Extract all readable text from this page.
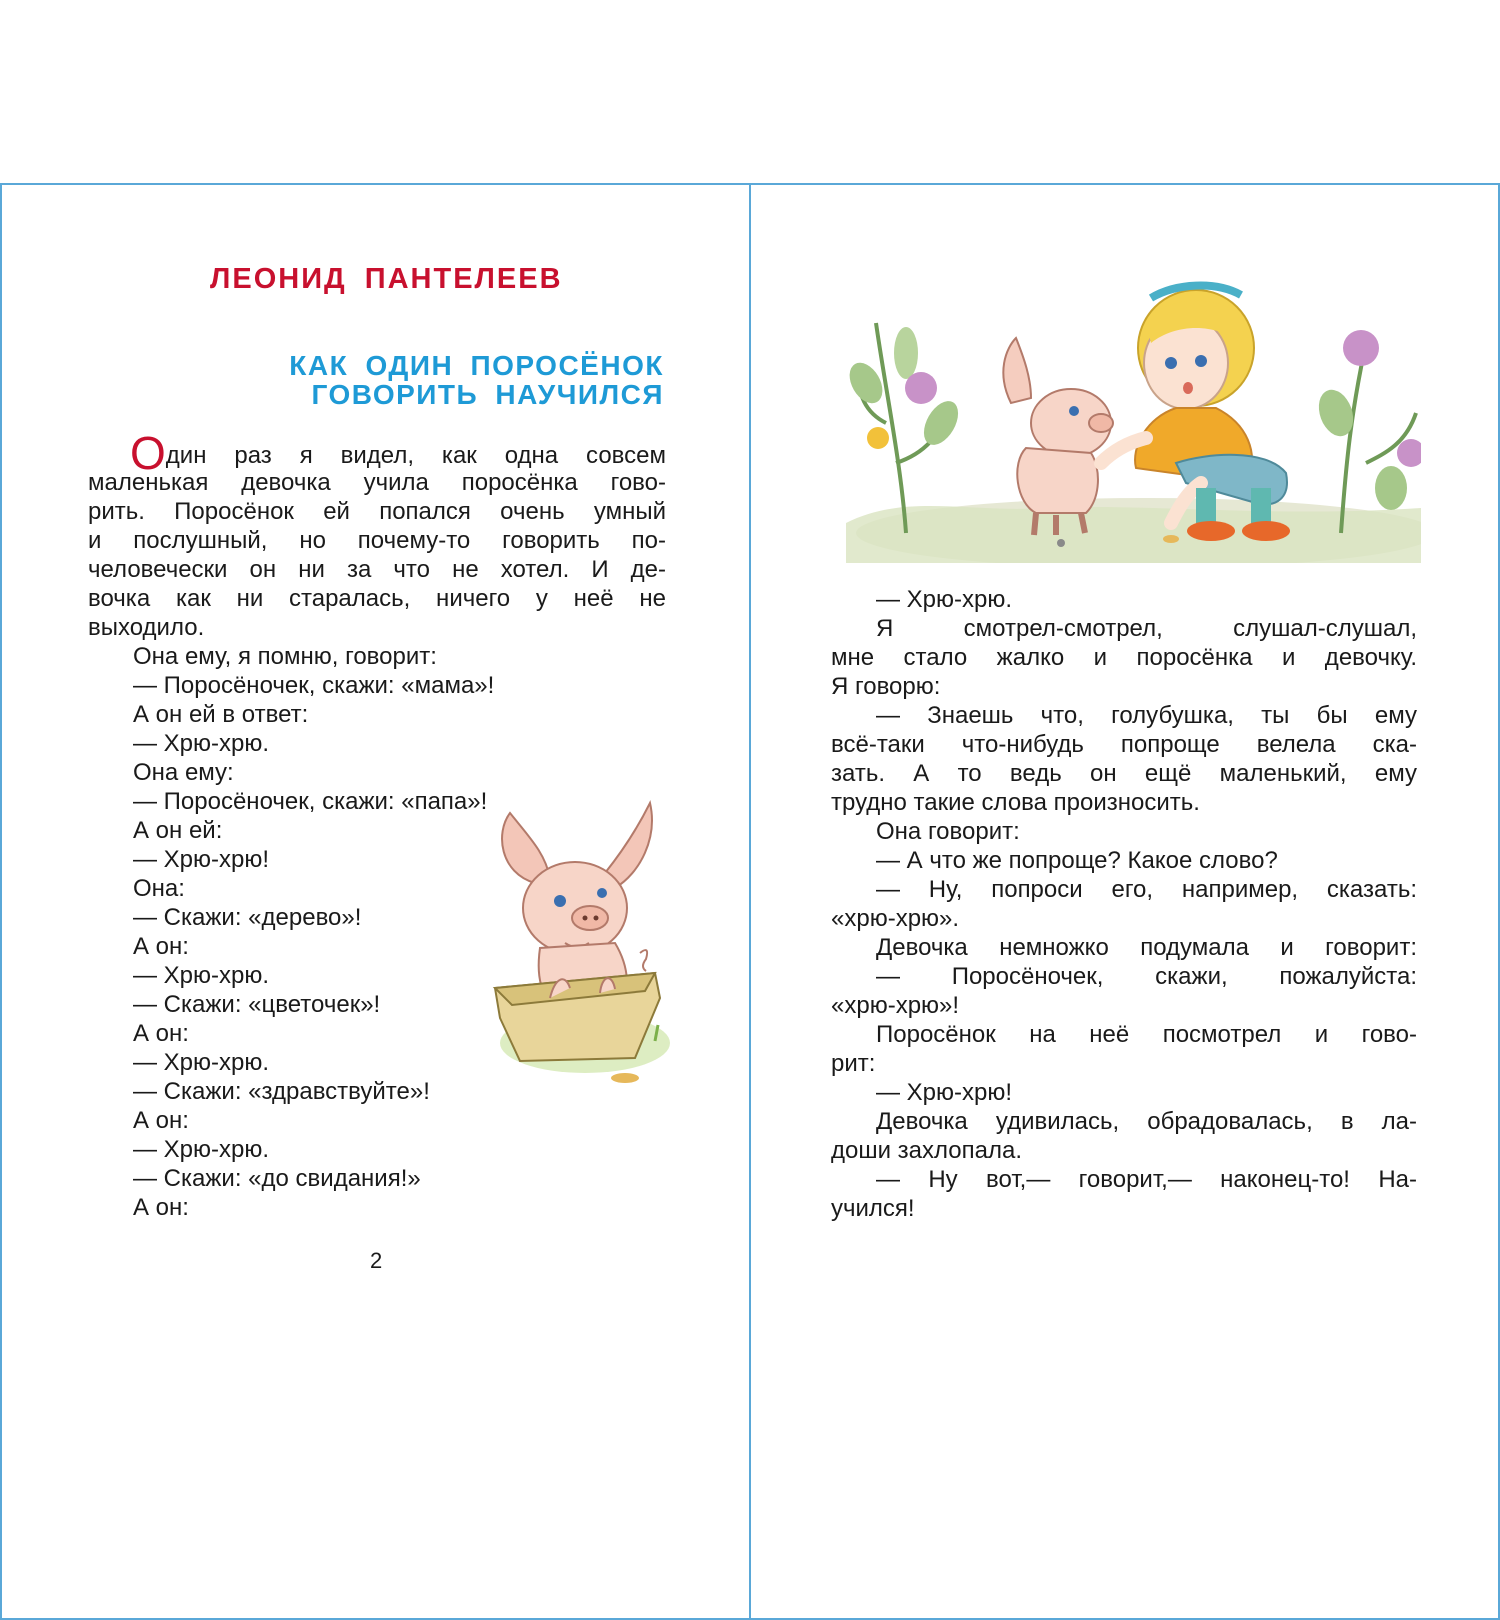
ЛЕОНИД ПАНТЕЛЕЕВ
КАК ОДИН ПОРОСЁНОК
ГОВОРИТЬ НАУЧИЛСЯ
Один раз я видел, как одна совсем
маленькая девочка учила поросёнка гово-
рить. Поросёнок ей попался очень умный
и послушный, но почему-то говорить по-
человечески он ни за что не хотел. И де-
вочка как ни старалась, ничего у неё не
выходило.
Она ему, я помню, говорит:
— Поросёночек, скажи: «мама»!
А он ей в ответ:
— Хрю-хрю.
Она ему:
— Поросёночек, скажи: «папа»!
А он ей:
— Хрю-хрю!
Она:
— Скажи: «дерево»!
А он:
— Хрю-хрю.
— Скажи: «цветочек»!
А он:
— Хрю-хрю.
— Скажи: «здравствуйте»!
А он:
— Хрю-хрю.
— Скажи: «до свидания!»
А он:
2
— Хрю-хрю.
Я смотрел-смотрел, слушал-слушал,
мне стало жалко и поросёнка и девочку.
Я говорю:
— Знаешь что, голубушка, ты бы ему
всё-таки что-нибудь попроще велела ска-
зать. А то ведь он ещё маленький, ему
трудно такие слова произносить.
Она говорит:
— А что же попроще? Какое слово?
— Ну, попроси его, например, сказать:
«хрю-хрю».
Девочка немножко подумала и говорит:
— Поросёночек, скажи, пожалуйста:
«хрю-хрю»!
Поросёнок на неё посмотрел и гово-
рит:
— Хрю-хрю!
Девочка удивилась, обрадовалась, в ла-
доши захлопала.
— Ну вот,— говорит,— наконец-то! На-
учился!
